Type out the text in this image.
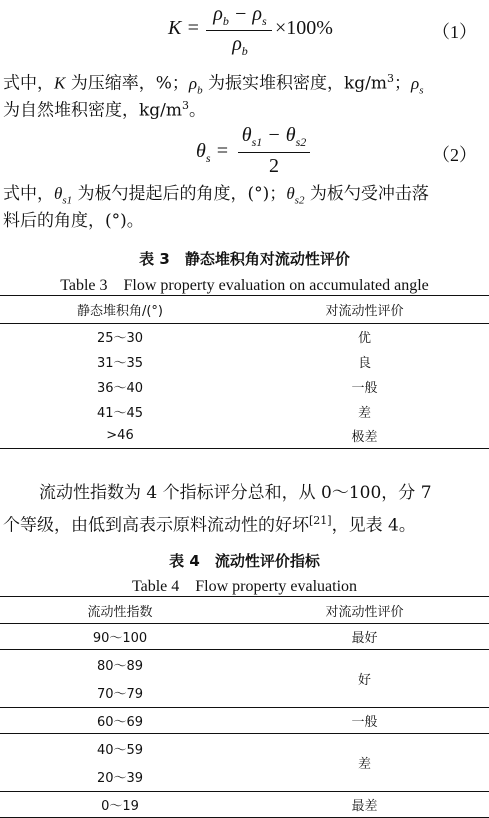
K =
$\rho_b - \rho_s$
$\rho_b$
×100%	（1）
式中，K 为压缩率，%；$\rho_b$ 为振实堆积密度，$kg/m^3$；$\rho_s$
为自然堆积密度，$kg/m^3$。
$\theta_s$ =
$\theta_{s1} - \theta_{s2}$
2	（2）
式中，$\theta_{s1}$ 为板勺提起后的角度，(°)；$\theta_{s2}$ 为板勺受冲击落
料后的角度，(°)。
表 3　静态堆积角对流动性评价
Table 3　Flow property evaluation on accumulated angle
静态堆积角/(°)	对流动性评价
25～30	优
31～35	良
36～40	一般
41～45	差
>46	极差
流动性指数为 4 个指标评分总和，从 0～100，分 7
个等级，由低到高表示原料流动性的好坏[21]，见表 4。
表 4　流动性评价指标
Table 4　Flow property evaluation
流动性指数	对流动性评价
90～100	最好
80～89	好
70～79	
60～69	一般
40～59	差
20～39	
0～19	最差
